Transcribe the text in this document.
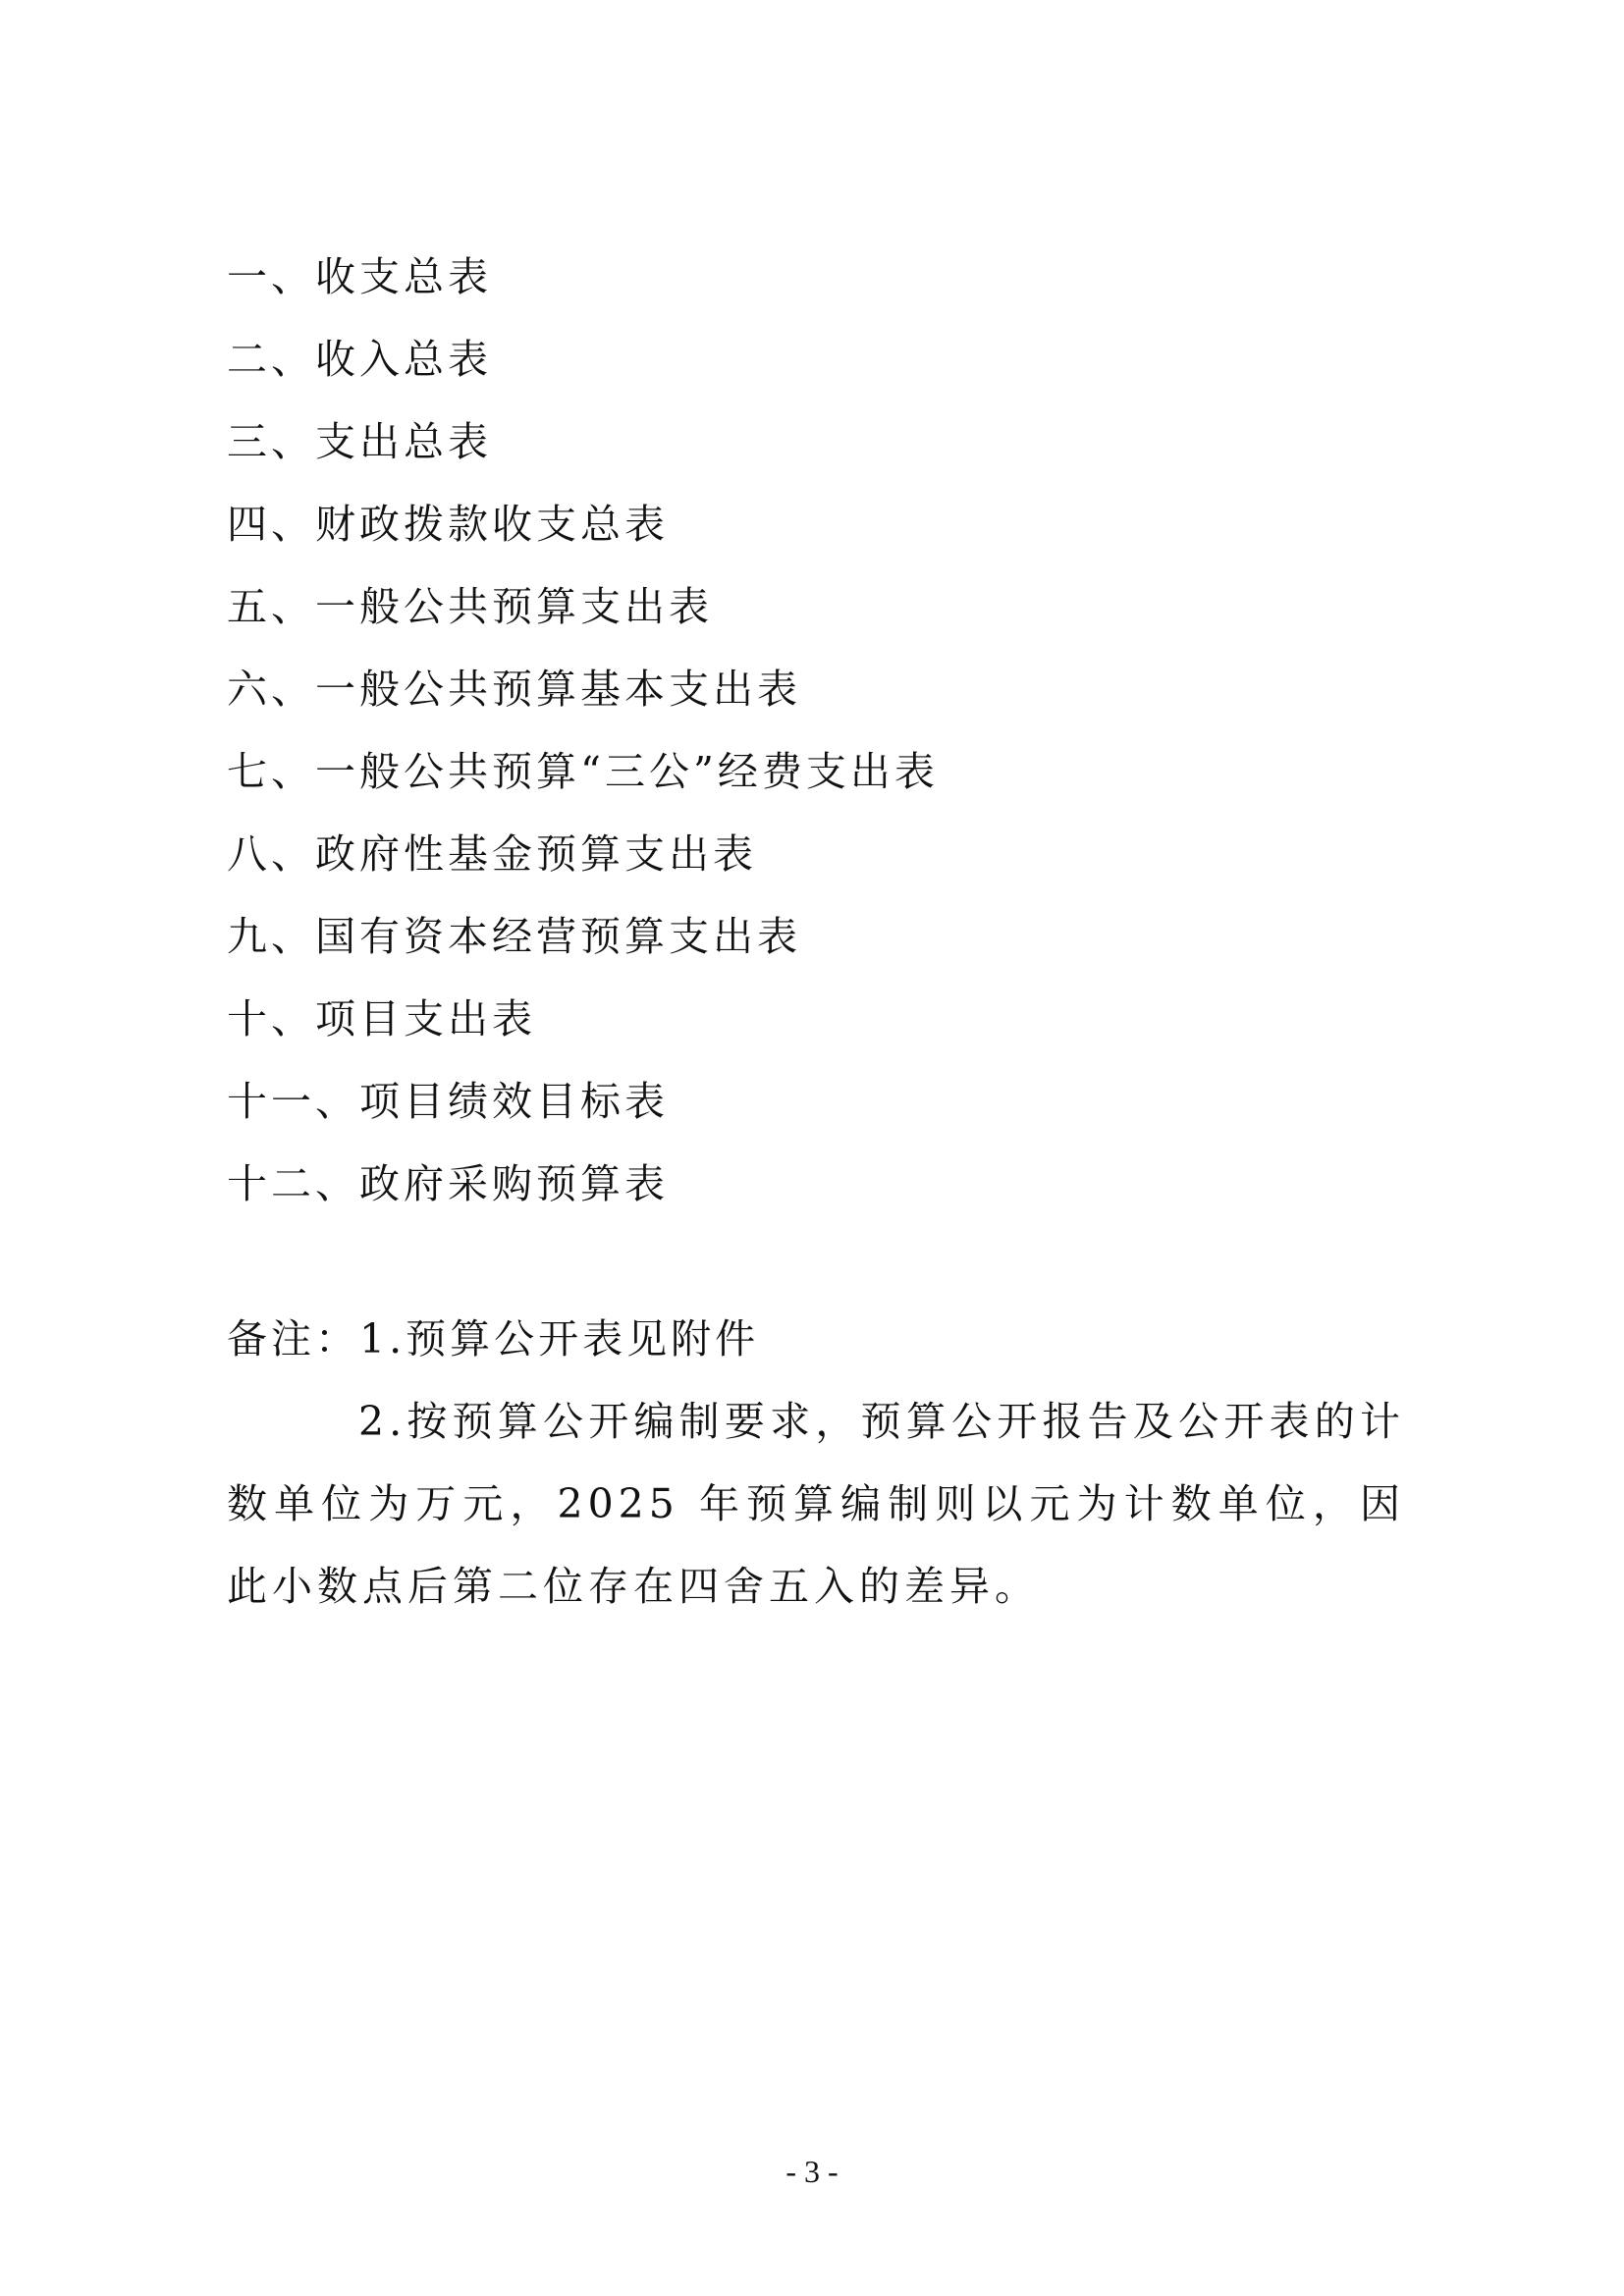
一、收支总表
二、收入总表
三、支出总表
四、财政拨款收支总表
五、一般公共预算支出表
六、一般公共预算基本支出表
七、一般公共预算“三公”经费支出表
八、政府性基金预算支出表
九、国有资本经营预算支出表
十、项目支出表
十一、项目绩效目标表
十二、政府采购预算表
备注：1.预算公开表见附件
2.按预算公开编制要求，预算公开报告及公开表的计数单位为万元，2025 年预算编制则以元为计数单位，因此小数点后第二位存在四舍五入的差异。
- 3 -
